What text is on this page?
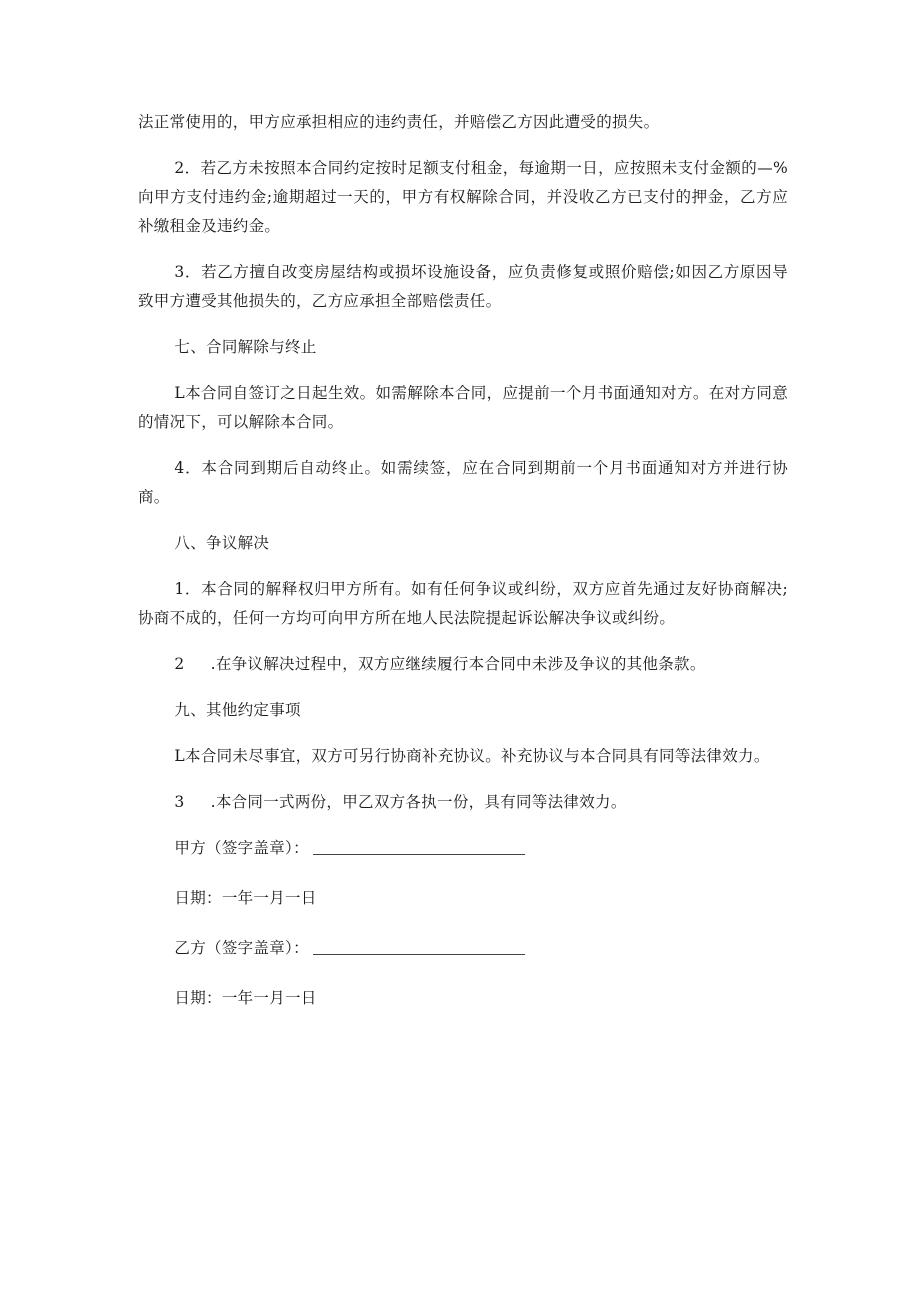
法正常使用的，甲方应承担相应的违约责任，并赔偿乙方因此遭受的损失。

2．若乙方未按照本合同约定按时足额支付租金，每逾期一日，应按照未支付金额的—%向甲方支付违约金;逾期超过一天的，甲方有权解除合同，并没收乙方已支付的押金，乙方应补缴租金及违约金。

3．若乙方擅自改变房屋结构或损坏设施设备，应负责修复或照价赔偿;如因乙方原因导致甲方遭受其他损失的，乙方应承担全部赔偿责任。

七、合同解除与终止

L本合同自签订之日起生效。如需解除本合同，应提前一个月书面通知对方。在对方同意的情况下，可以解除本合同。

4．本合同到期后自动终止。如需续签，应在合同到期前一个月书面通知对方并进行协商。

八、争议解决

1．本合同的解释权归甲方所有。如有任何争议或纠纷，双方应首先通过友好协商解决;协商不成的，任何一方均可向甲方所在地人民法院提起诉讼解决争议或纠纷。

2 .在争议解决过程中，双方应继续履行本合同中未涉及争议的其他条款。

九、其他约定事项

L本合同未尽事宜，双方可另行协商补充协议。补充协议与本合同具有同等法律效力。

3 .本合同一式两份，甲乙双方各执一份，具有同等法律效力。

甲方（签字盖章）：
日期：一年一月一日
乙方（签字盖章）：
日期：一年一月一日
